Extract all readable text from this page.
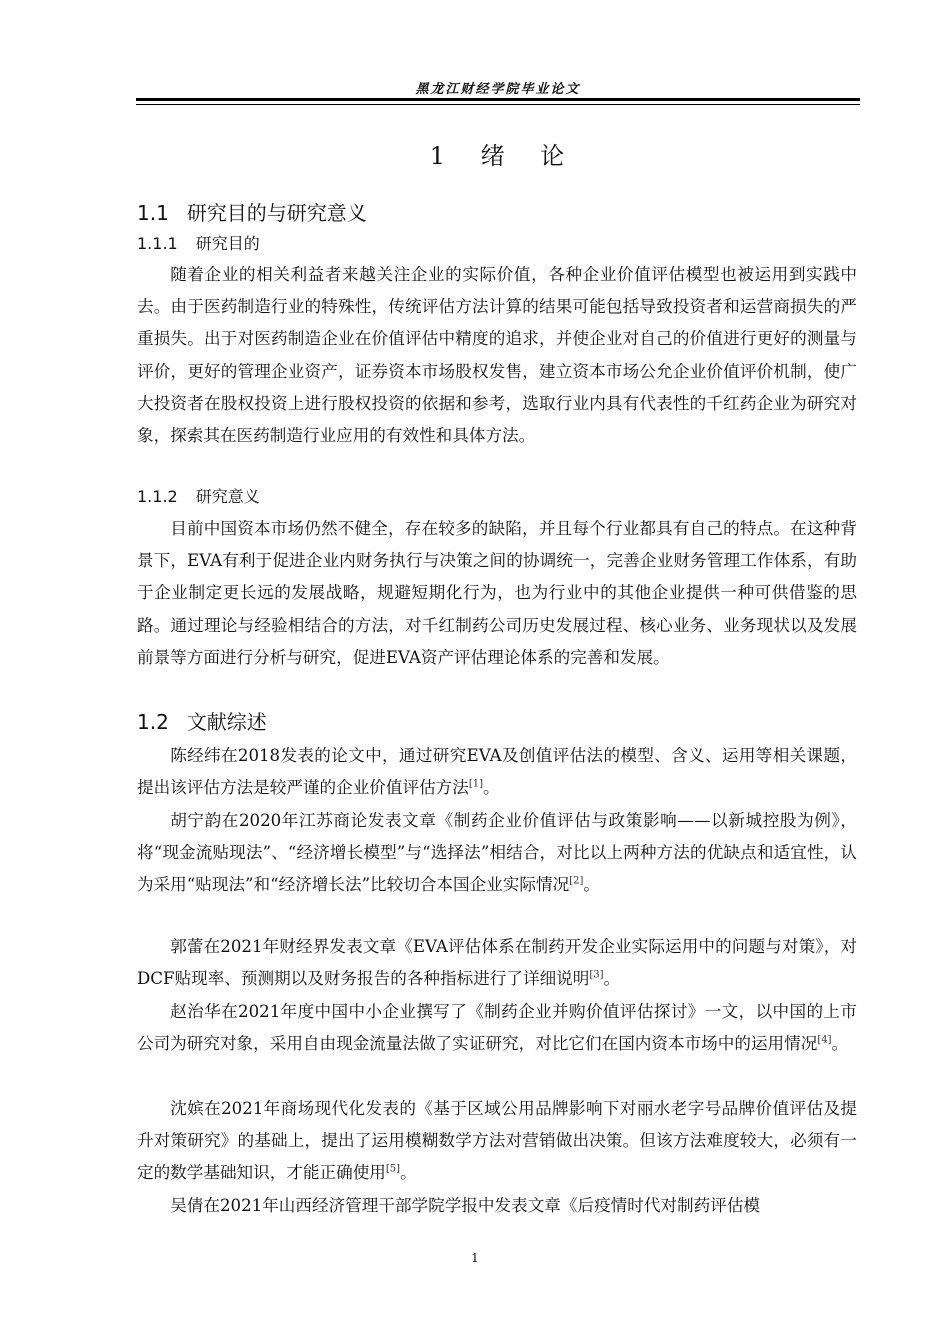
黑龙江财经学院毕业论文
1 绪 论
1.1 研究目的与研究意义
1.1.1 研究目的

随着企业的相关利益者来越关注企业的实际价值，各种企业价值评估模型也被运用到实践中去。由于医药制造行业的特殊性，传统评估方法计算的结果可能包括导致投资者和运营商损失的严重损失。出于对医药制造企业在价值评估中精度的追求，并使企业对自己的价值进行更好的测量与评价，更好的管理企业资产，证券资本市场股权发售，建立资本市场公允企业价值评价机制，使广大投资者在股权投资上进行股权投资的依据和参考，选取行业内具有代表性的千红药企业为研究对象，探索其在医药制造行业应用的有效性和具体方法。

1.1.2 研究意义

目前中国资本市场仍然不健全，存在较多的缺陷，并且每个行业都具有自己的特点。在这种背景下，EVA有利于促进企业内财务执行与决策之间的协调统一，完善企业财务管理工作体系，有助于企业制定更长远的发展战略，规避短期化行为，也为行业中的其他企业提供一种可供借鉴的思路。通过理论与经验相结合的方法，对千红制药公司历史发展过程、核心业务、业务现状以及发展前景等方面进行分析与研究，促进EVA资产评估理论体系的完善和发展。

1.2 文献综述

陈经纬在2018发表的论文中，通过研究EVA及创值评估法的模型、含义、运用等相关课题，提出该评估方法是较严谨的企业价值评估方法[1]。

胡宁韵在2020年江苏商论发表文章《制药企业价值评估与政策影响——以新城控股为例》，将“现金流贴现法”、“经济增长模型”与“选择法”相结合，对比以上两种方法的优缺点和适宜性，认为采用“贴现法”和“经济增长法”比较切合本国企业实际情况[2]。

郭蕾在2021年财经界发表文章《EVA评估体系在制药开发企业实际运用中的问题与对策》，对DCF贴现率、预测期以及财务报告的各种指标进行了详细说明[3]。

赵治华在2021年度中国中小企业撰写了《制药企业并购价值评估探讨》一文，以中国的上市公司为研究对象，采用自由现金流量法做了实证研究，对比它们在国内资本市场中的运用情况[4]。

沈嫔在2021年商场现代化发表的《基于区域公用品牌影响下对丽水老字号品牌价值评估及提升对策研究》的基础上，提出了运用模糊数学方法对营销做出决策。但该方法难度较大，必须有一定的数学基础知识，才能正确使用[5]。

吴倩在2021年山西经济管理干部学院学报中发表文章《后疫情时代对制药评估模

1
